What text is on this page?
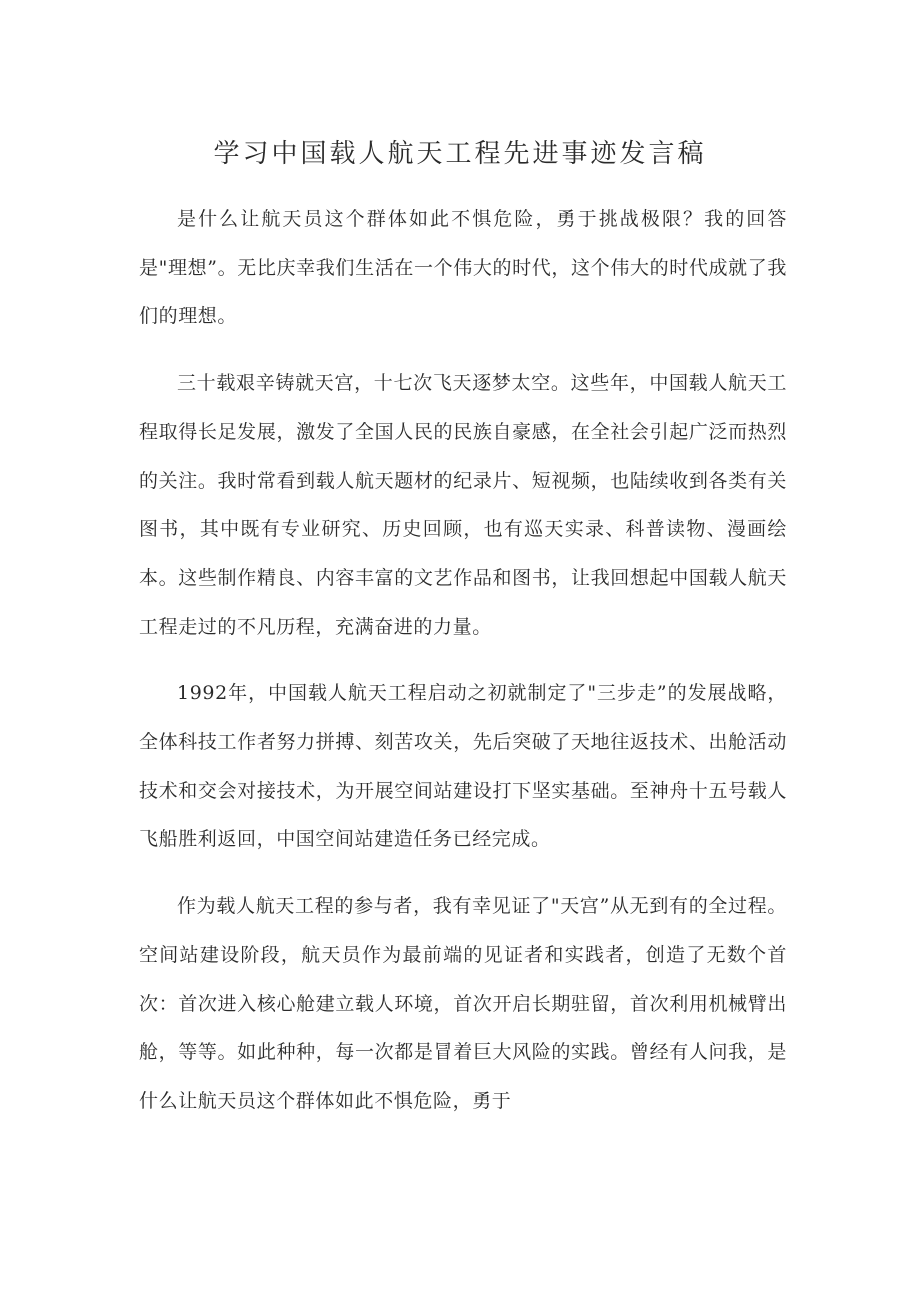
学习中国载人航天工程先进事迹发言稿

是什么让航天员这个群体如此不惧危险，勇于挑战极限？我的回答是"理想”。无比庆幸我们生活在一个伟大的时代，这个伟大的时代成就了我们的理想。

三十载艰辛铸就天宫，十七次飞天逐梦太空。这些年，中国载人航天工程取得长足发展，激发了全国人民的民族自豪感，在全社会引起广泛而热烈的关注。我时常看到载人航天题材的纪录片、短视频，也陆续收到各类有关图书，其中既有专业研究、历史回顾，也有巡天实录、科普读物、漫画绘本。这些制作精良、内容丰富的文艺作品和图书，让我回想起中国载人航天工程走过的不凡历程，充满奋进的力量。

1992年，中国载人航天工程启动之初就制定了"三步走”的发展战略，全体科技工作者努力拼搏、刻苦攻关，先后突破了天地往返技术、出舱活动技术和交会对接技术，为开展空间站建设打下坚实基础。至神舟十五号载人飞船胜利返回，中国空间站建造任务已经完成。

作为载人航天工程的参与者，我有幸见证了"天宫”从无到有的全过程。空间站建设阶段，航天员作为最前端的见证者和实践者，创造了无数个首次：首次进入核心舱建立载人环境，首次开启长期驻留，首次利用机械臂出舱，等等。如此种种，每一次都是冒着巨大风险的实践。曾经有人问我，是什么让航天员这个群体如此不惧危险，勇于
